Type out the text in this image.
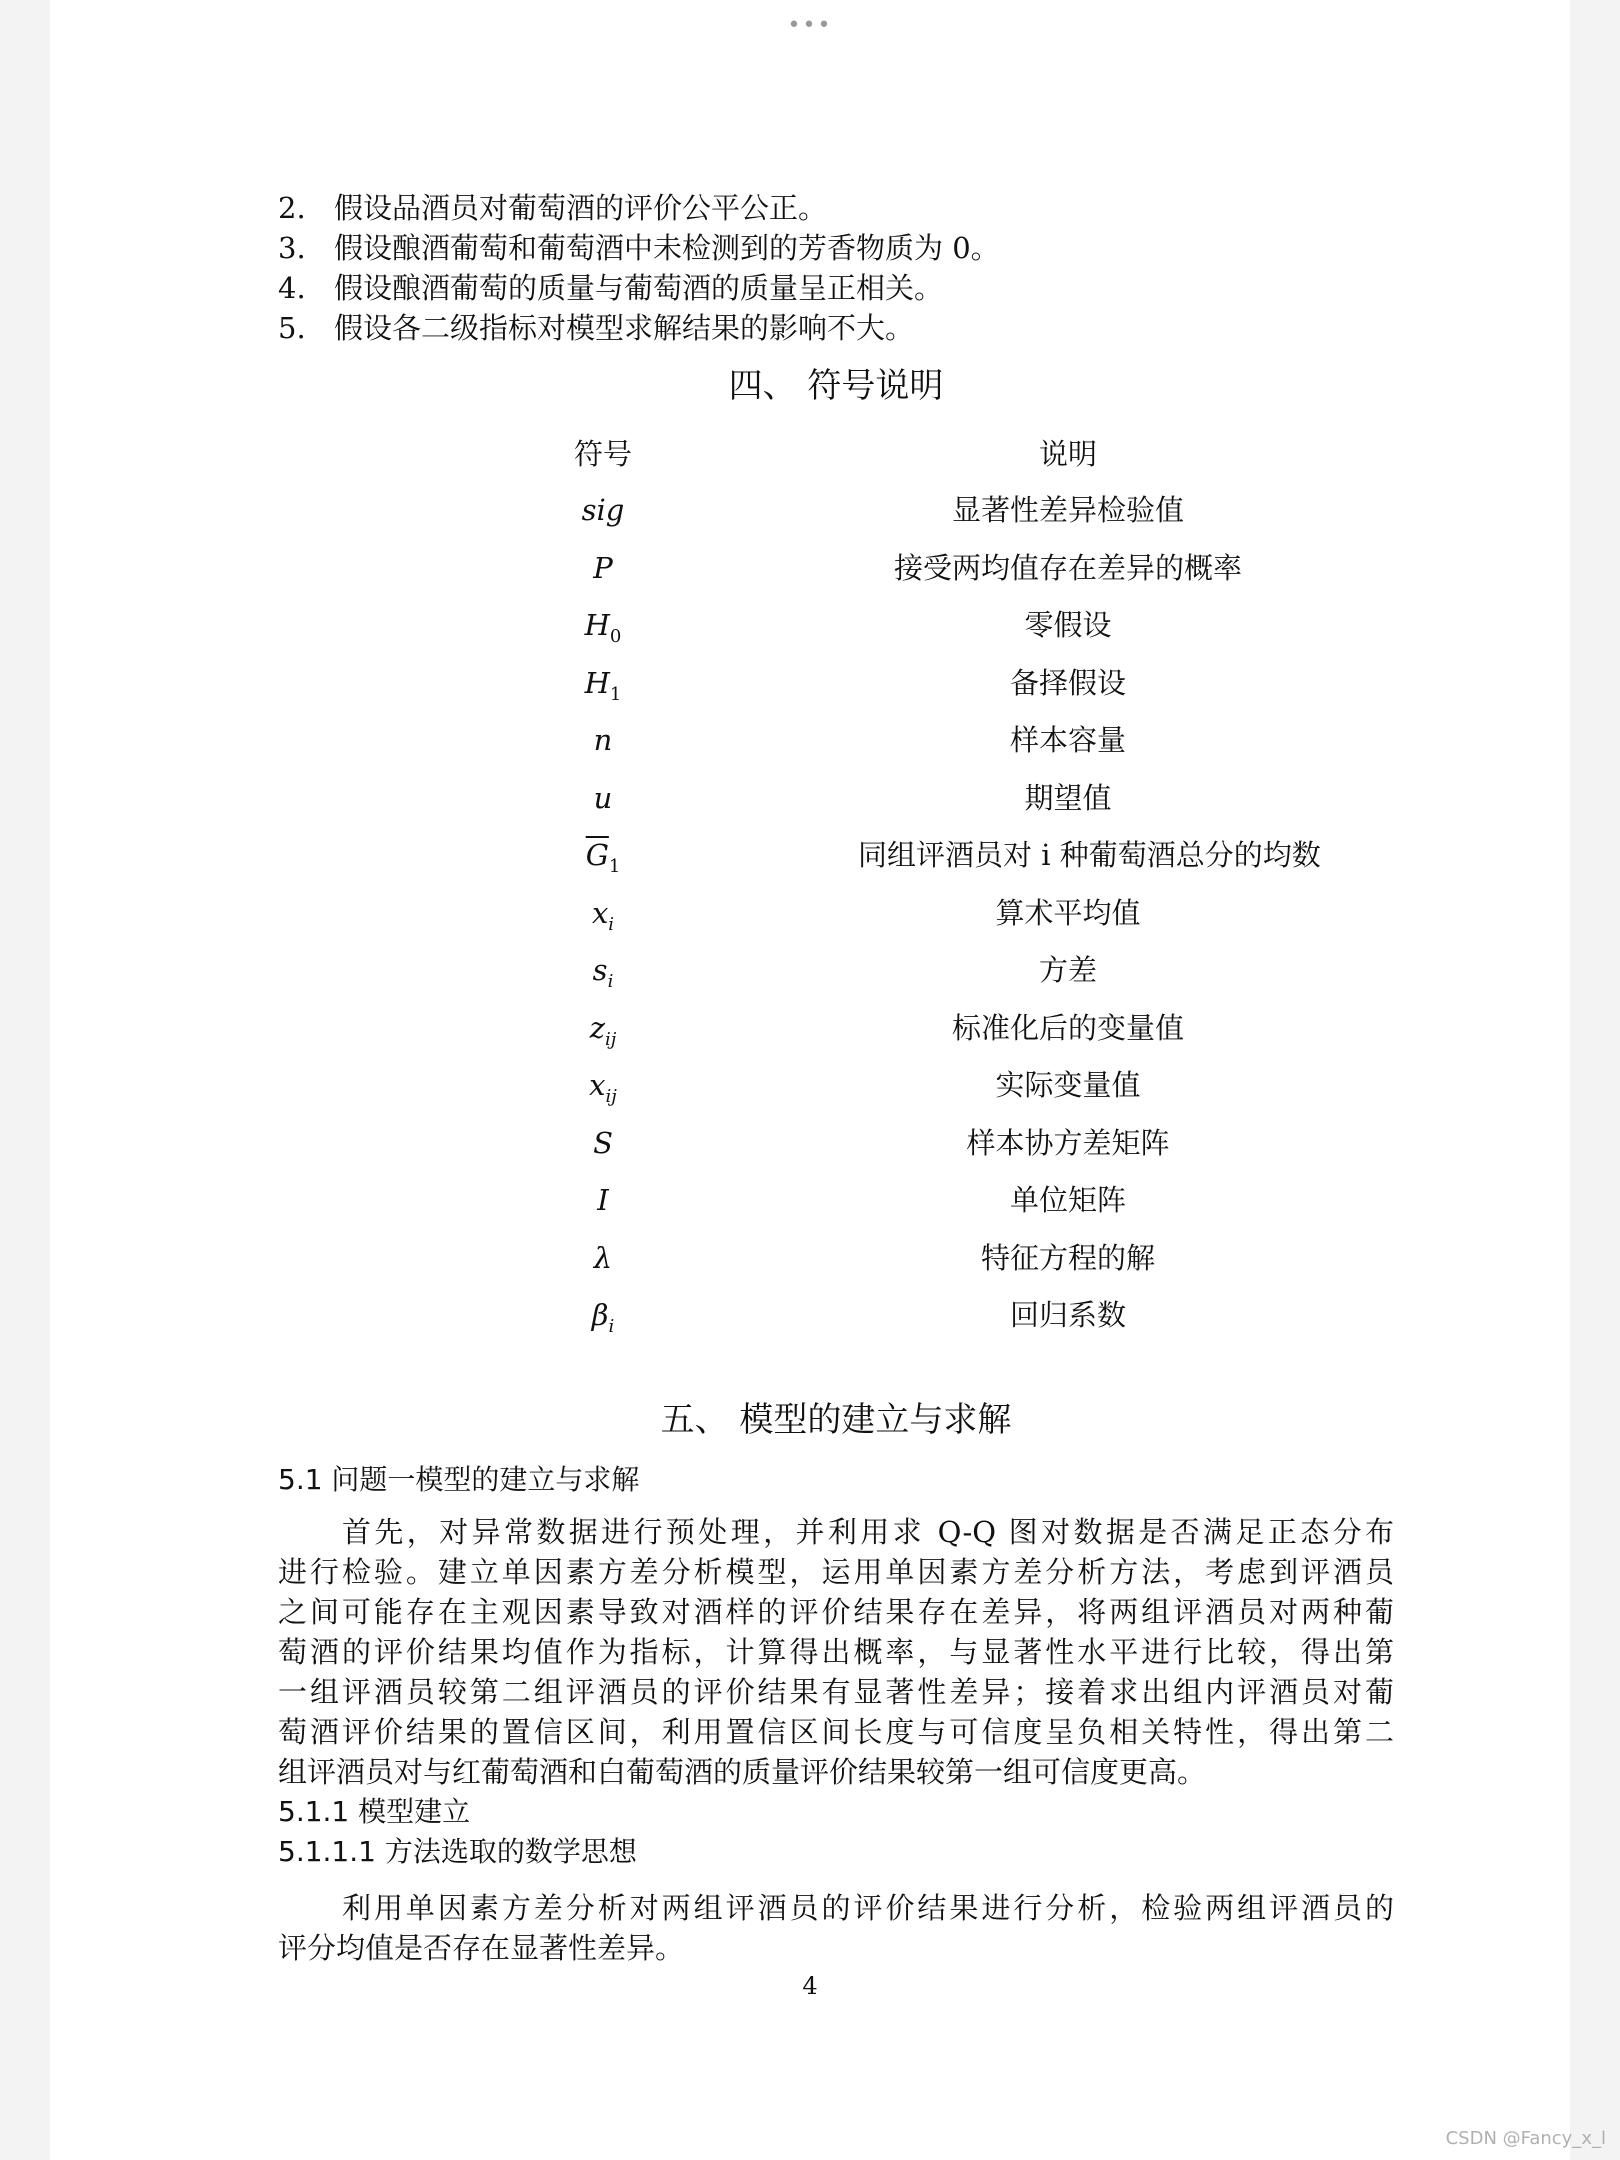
•••
2. 假设品酒员对葡萄酒的评价公平公正。
3. 假设酿酒葡萄和葡萄酒中未检测到的芳香物质为 0。
4. 假设酿酒葡萄的质量与葡萄酒的质量呈正相关。
5. 假设各二级指标对模型求解结果的影响不大。
四、 符号说明
符号	说明
sig	显著性差异检验值
P	接受两均值存在差异的概率
$H_0$	零假设
$H_1$	备择假设
n	样本容量
u	期望值
$\overline{G}_1$	同组评酒员对 i 种葡萄酒总分的均数
$x_i$	算术平均值
$s_i$	方差
$z_{ij}$	标准化后的变量值
$x_{ij}$	实际变量值
S	样本协方差矩阵
I	单位矩阵
λ	特征方程的解
$\beta_i$	回归系数
五、 模型的建立与求解
5.1 问题一模型的建立与求解
首先，对异常数据进行预处理，并利用求 Q-Q 图对数据是否满足正态分布
进行检验。建立单因素方差分析模型，运用单因素方差分析方法，考虑到评酒员
之间可能存在主观因素导致对酒样的评价结果存在差异，将两组评酒员对两种葡
萄酒的评价结果均值作为指标，计算得出概率，与显著性水平进行比较，得出第
一组评酒员较第二组评酒员的评价结果有显著性差异；接着求出组内评酒员对葡
萄酒评价结果的置信区间，利用置信区间长度与可信度呈负相关特性，得出第二
组评酒员对与红葡萄酒和白葡萄酒的质量评价结果较第一组可信度更高。
5.1.1 模型建立
5.1.1.1 方法选取的数学思想
利用单因素方差分析对两组评酒员的评价结果进行分析，检验两组评酒员的
评分均值是否存在显著性差异。
4
CSDN @Fancy_x_l
